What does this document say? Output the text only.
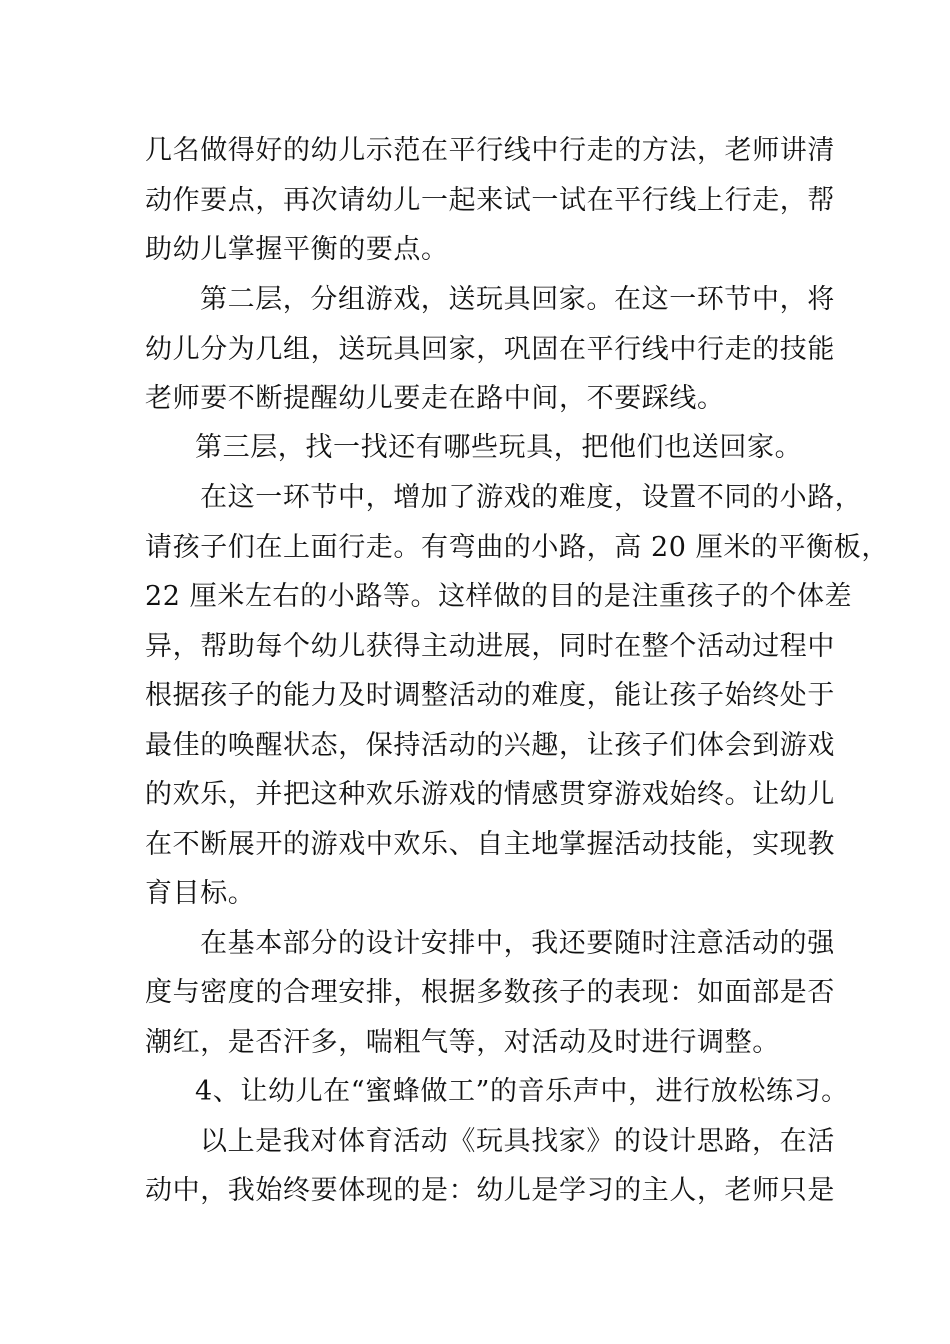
几名做得好的幼儿示范在平行线中行走的方法，老师讲清
动作要点，再次请幼儿一起来试一试在平行线上行走，帮
助幼儿掌握平衡的要点。
第二层，分组游戏，送玩具回家。在这一环节中，将
幼儿分为几组，送玩具回家，巩固在平行线中行走的技能
老师要不断提醒幼儿要走在路中间，不要踩线。
第三层，找一找还有哪些玩具，把他们也送回家。
在这一环节中，增加了游戏的难度，设置不同的小路，
请孩子们在上面行走。有弯曲的小路，高 20 厘米的平衡板，
22 厘米左右的小路等。这样做的目的是注重孩子的个体差
异，帮助每个幼儿获得主动进展，同时在整个活动过程中
根据孩子的能力及时调整活动的难度，能让孩子始终处于
最佳的唤醒状态，保持活动的兴趣，让孩子们体会到游戏
的欢乐，并把这种欢乐游戏的情感贯穿游戏始终。让幼儿
在不断展开的游戏中欢乐、自主地掌握活动技能，实现教
育目标。
在基本部分的设计安排中，我还要随时注意活动的强
度与密度的合理安排，根据多数孩子的表现：如面部是否
潮红，是否汗多，喘粗气等，对活动及时进行调整。
4、让幼儿在“蜜蜂做工”的音乐声中，进行放松练习。
以上是我对体育活动《玩具找家》的设计思路，在活
动中，我始终要体现的是：幼儿是学习的主人，老师只是
